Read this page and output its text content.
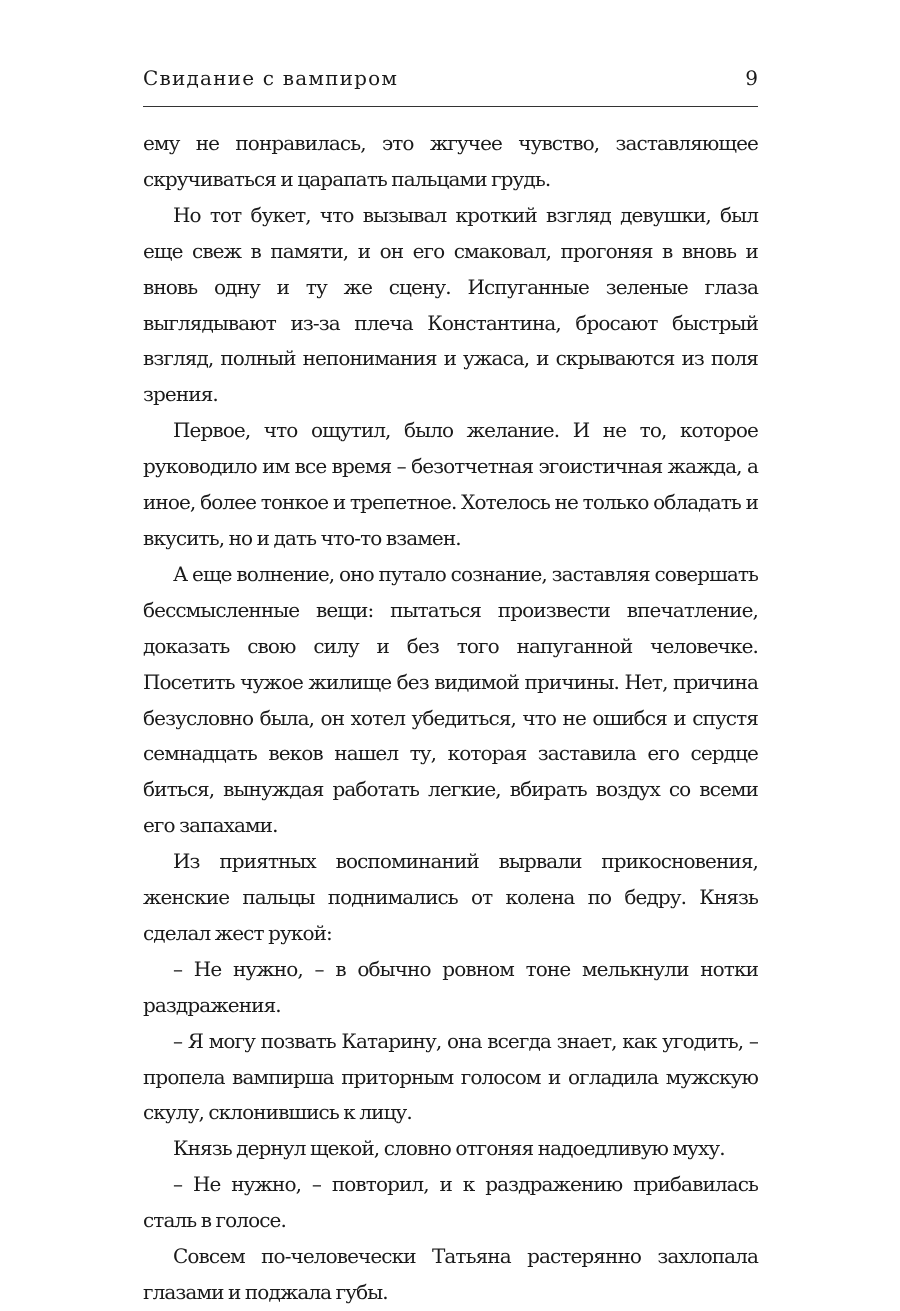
Свидание с вампиром	9

ему не понравилась, это жгучее чувство, заставляющее скручиваться и царапать пальцами грудь.

Но тот букет, что вызывал кроткий взгляд девушки, был еще свеж в памяти, и он его смаковал, прогоняя в вновь и вновь одну и ту же сцену. Испуганные зеленые глаза выглядывают из-за плеча Константина, бросают быстрый взгляд, полный непонимания и ужаса, и скрываются из поля зрения.

Первое, что ощутил, было желание. И не то, которое руководило им все время – безотчетная эгоистичная жажда, а иное, более тонкое и трепетное. Хотелось не только обладать и вкусить, но и дать что-то взамен.

А еще волнение, оно путало сознание, заставляя совершать бессмысленные вещи: пытаться произвести впечатление, доказать свою силу и без того напуганной человечке. Посетить чужое жилище без видимой причины. Нет, причина безусловно была, он хотел убедиться, что не ошибся и спустя семнадцать веков нашел ту, которая заставила его сердце биться, вынуждая работать легкие, вбирать воздух со всеми его запахами.

Из приятных воспоминаний вырвали прикосновения, женские пальцы поднимались от колена по бедру. Князь сделал жест рукой:

– Не нужно, – в обычно ровном тоне мелькнули нотки раздражения.

– Я могу позвать Катарину, она всегда знает, как угодить, – пропела вампирша приторным голосом и огладила мужскую скулу, склонившись к лицу.

Князь дернул щекой, словно отгоняя надоедливую муху.

– Не нужно, – повторил, и к раздражению прибавилась сталь в голосе.

Совсем по-человечески Татьяна растерянно захлопала глазами и поджала губы.
